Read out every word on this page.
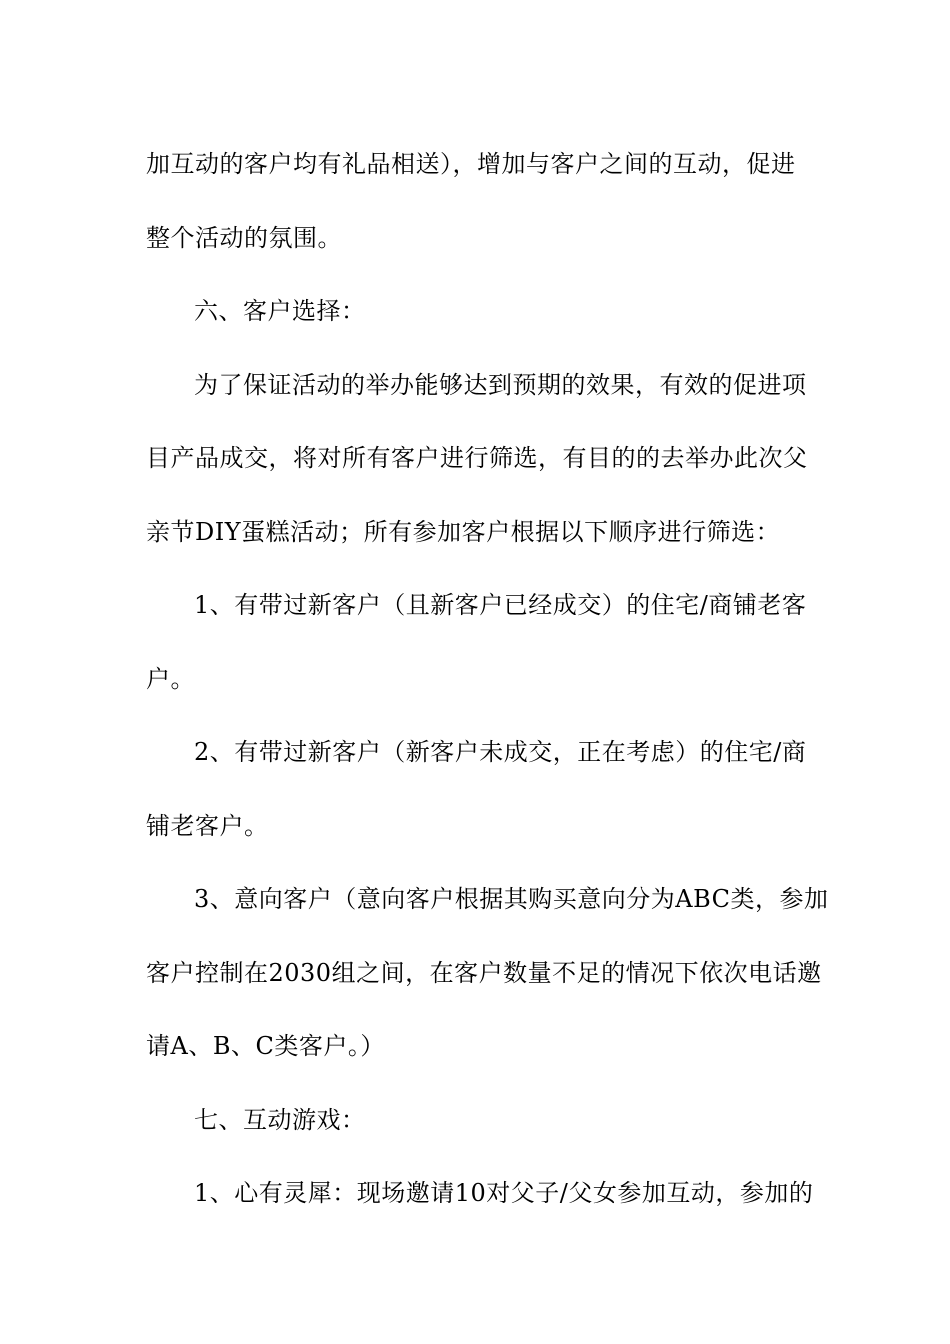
加互动的客户均有礼品相送），增加与客户之间的互动，促进
整个活动的氛围。
六、客户选择：
为了保证活动的举办能够达到预期的效果，有效的促进项
目产品成交，将对所有客户进行筛选，有目的的去举办此次父
亲节DIY蛋糕活动；所有参加客户根据以下顺序进行筛选：
1、有带过新客户（且新客户已经成交）的住宅/商铺老客
户。
2、有带过新客户（新客户未成交，正在考虑）的住宅/商
铺老客户。
3、意向客户（意向客户根据其购买意向分为ABC类，参加
客户控制在2030组之间，在客户数量不足的情况下依次电话邀
请A、B、C类客户。）
七、互动游戏：
1、心有灵犀：现场邀请10对父子/父女参加互动，参加的
